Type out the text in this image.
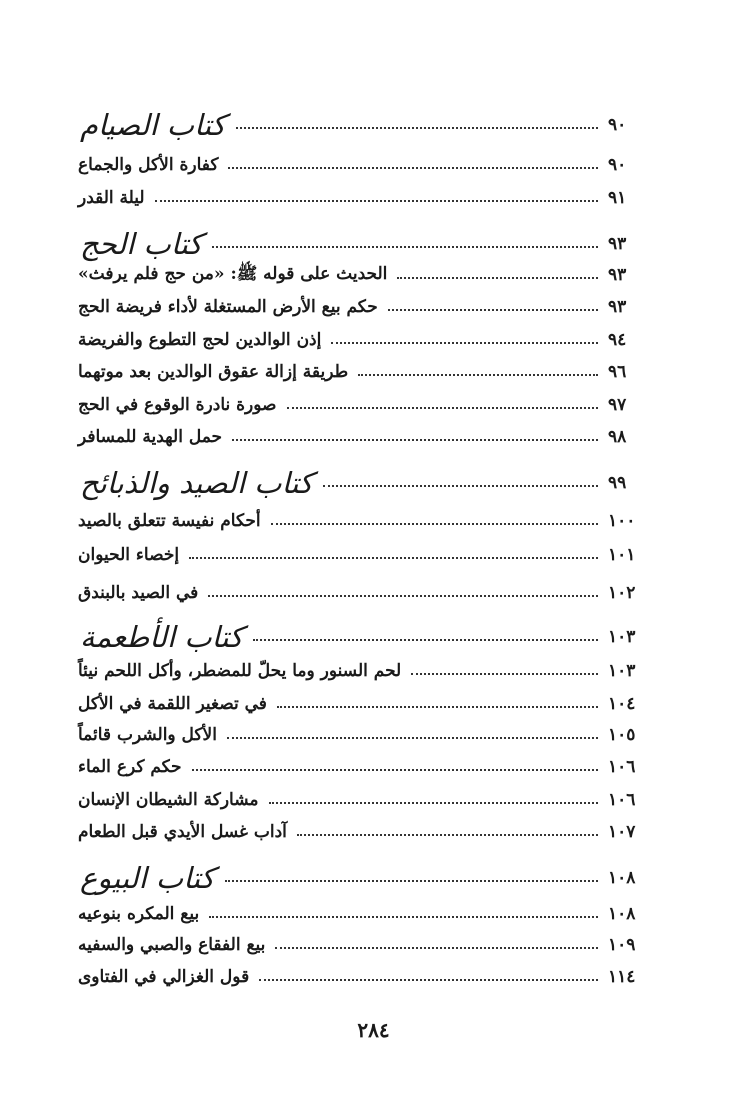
كتاب الصيام	٩٠
كفارة الأكل والجماع	٩٠
ليلة القدر	٩١
كتاب الحج	٩٣
الحديث على قوله ﷺ: «من حج فلم يرفث»	٩٣
حكم بيع الأرض المستغلة لأداء فريضة الحج	٩٣
إذن الوالدين لحج التطوع والفريضة	٩٤
طريقة إزالة عقوق الوالدين بعد موتهما	٩٦
صورة نادرة الوقوع في الحج	٩٧
حمل الهدية للمسافر	٩٨
كتاب الصيد والذبائح	٩٩
أحكام نفيسة تتعلق بالصيد	١٠٠
إخصاء الحيوان	١٠١
في الصيد بالبندق	١٠٢
كتاب الأطعمة	١٠٣
لحم السنور وما يحلّ للمضطر، وأكل اللحم نيئاً	١٠٣
في تصغير اللقمة في الأكل	١٠٤
الأكل والشرب قائماً	١٠٥
حكم كرع الماء	١٠٦
مشاركة الشيطان الإنسان	١٠٦
آداب غسل الأيدي قبل الطعام	١٠٧
كتاب البيوع	١٠٨
بيع المكره بنوعيه	١٠٨
بيع الفقاع والصبي والسفيه	١٠٩
قول الغزالي في الفتاوى	١١٤
٢٨٤
